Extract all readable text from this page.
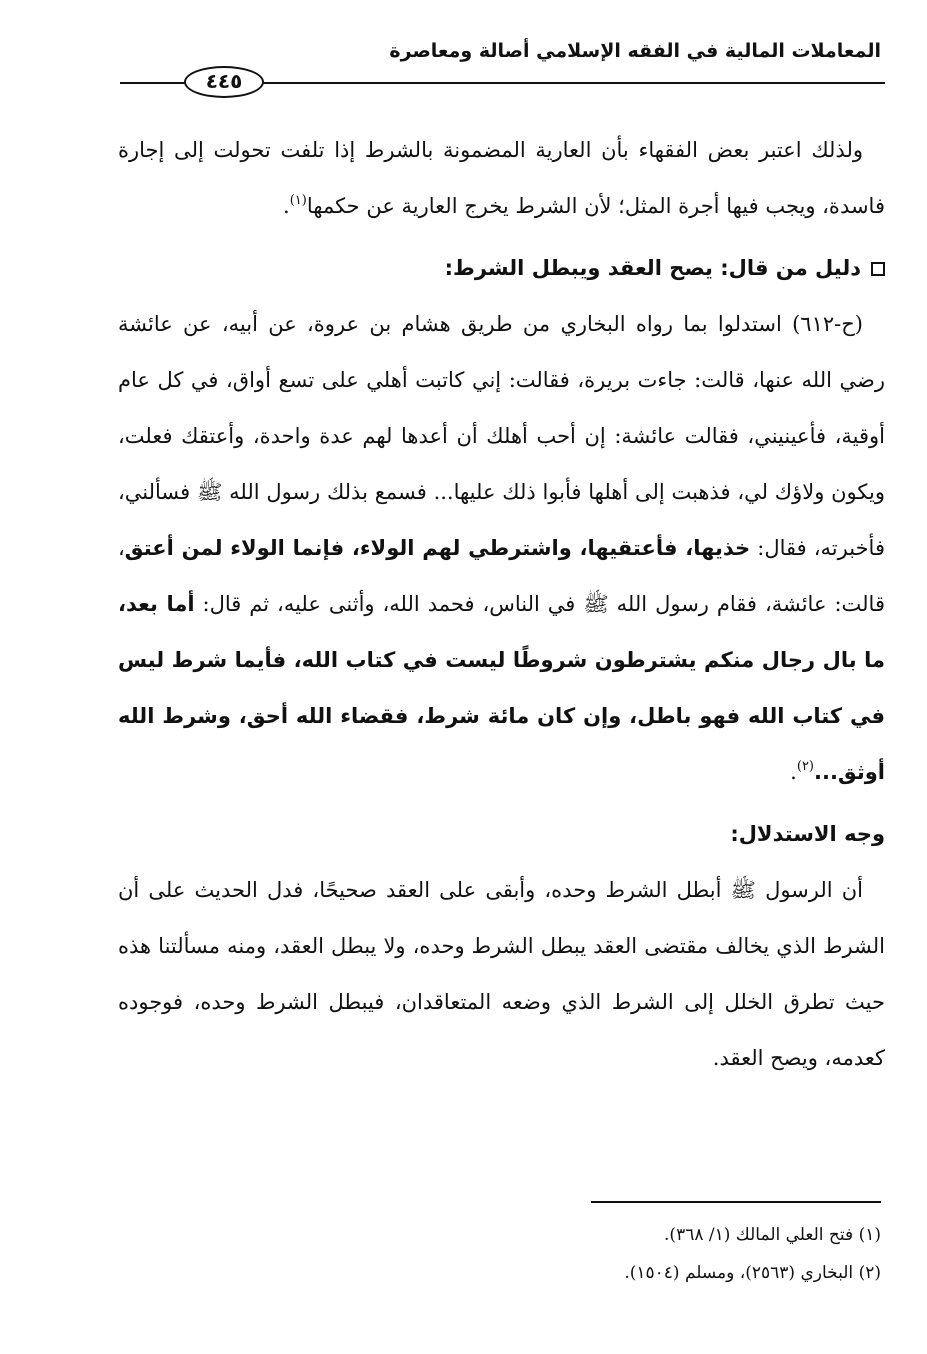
المعاملات المالية في الفقه الإسلامي أصالة ومعاصرة
٤٤٥

ولذلك اعتبر بعض الفقهاء بأن العارية المضمونة بالشرط إذا تلفت تحولت إلى إجارة فاسدة، ويجب فيها أجرة المثل؛ لأن الشرط يخرج العارية عن حكمها$^{(١)}$.

دليل من قال: يصح العقد ويبطل الشرط:

(ح-٦١٢) استدلوا بما رواه البخاري من طريق هشام بن عروة، عن أبيه، عن عائشة رضي الله عنها، قالت: جاءت بريرة، فقالت: إني كاتبت أهلي على تسع أواق، في كل عام أوقية، فأعينيني، فقالت عائشة: إن أحب أهلك أن أعدها لهم عدة واحدة، وأعتقك فعلت، ويكون ولاؤك لي، فذهبت إلى أهلها فأبوا ذلك عليها... فسمع بذلك رسول الله ﷺ فسألني، فأخبرته، فقال: خذيها، فأعتقيها، واشترطي لهم الولاء، فإنما الولاء لمن أعتق، قالت: عائشة، فقام رسول الله ﷺ في الناس، فحمد الله، وأثنى عليه، ثم قال: أما بعد، ما بال رجال منكم يشترطون شروطًا ليست في كتاب الله، فأيما شرط ليس في كتاب الله فهو باطل، وإن كان مائة شرط، فقضاء الله أحق، وشرط الله أوثق...$^{(٢)}$.

وجه الاستدلال:

أن الرسول ﷺ أبطل الشرط وحده، وأبقى على العقد صحيحًا، فدل الحديث على أن الشرط الذي يخالف مقتضى العقد يبطل الشرط وحده، ولا يبطل العقد، ومنه مسألتنا هذه حيث تطرق الخلل إلى الشرط الذي وضعه المتعاقدان، فيبطل الشرط وحده، فوجوده كعدمه، ويصح العقد.

(١) فتح العلي المالك (١/ ٣٦٨).

(٢) البخاري (٢٥٦٣)، ومسلم (١٥٠٤).
